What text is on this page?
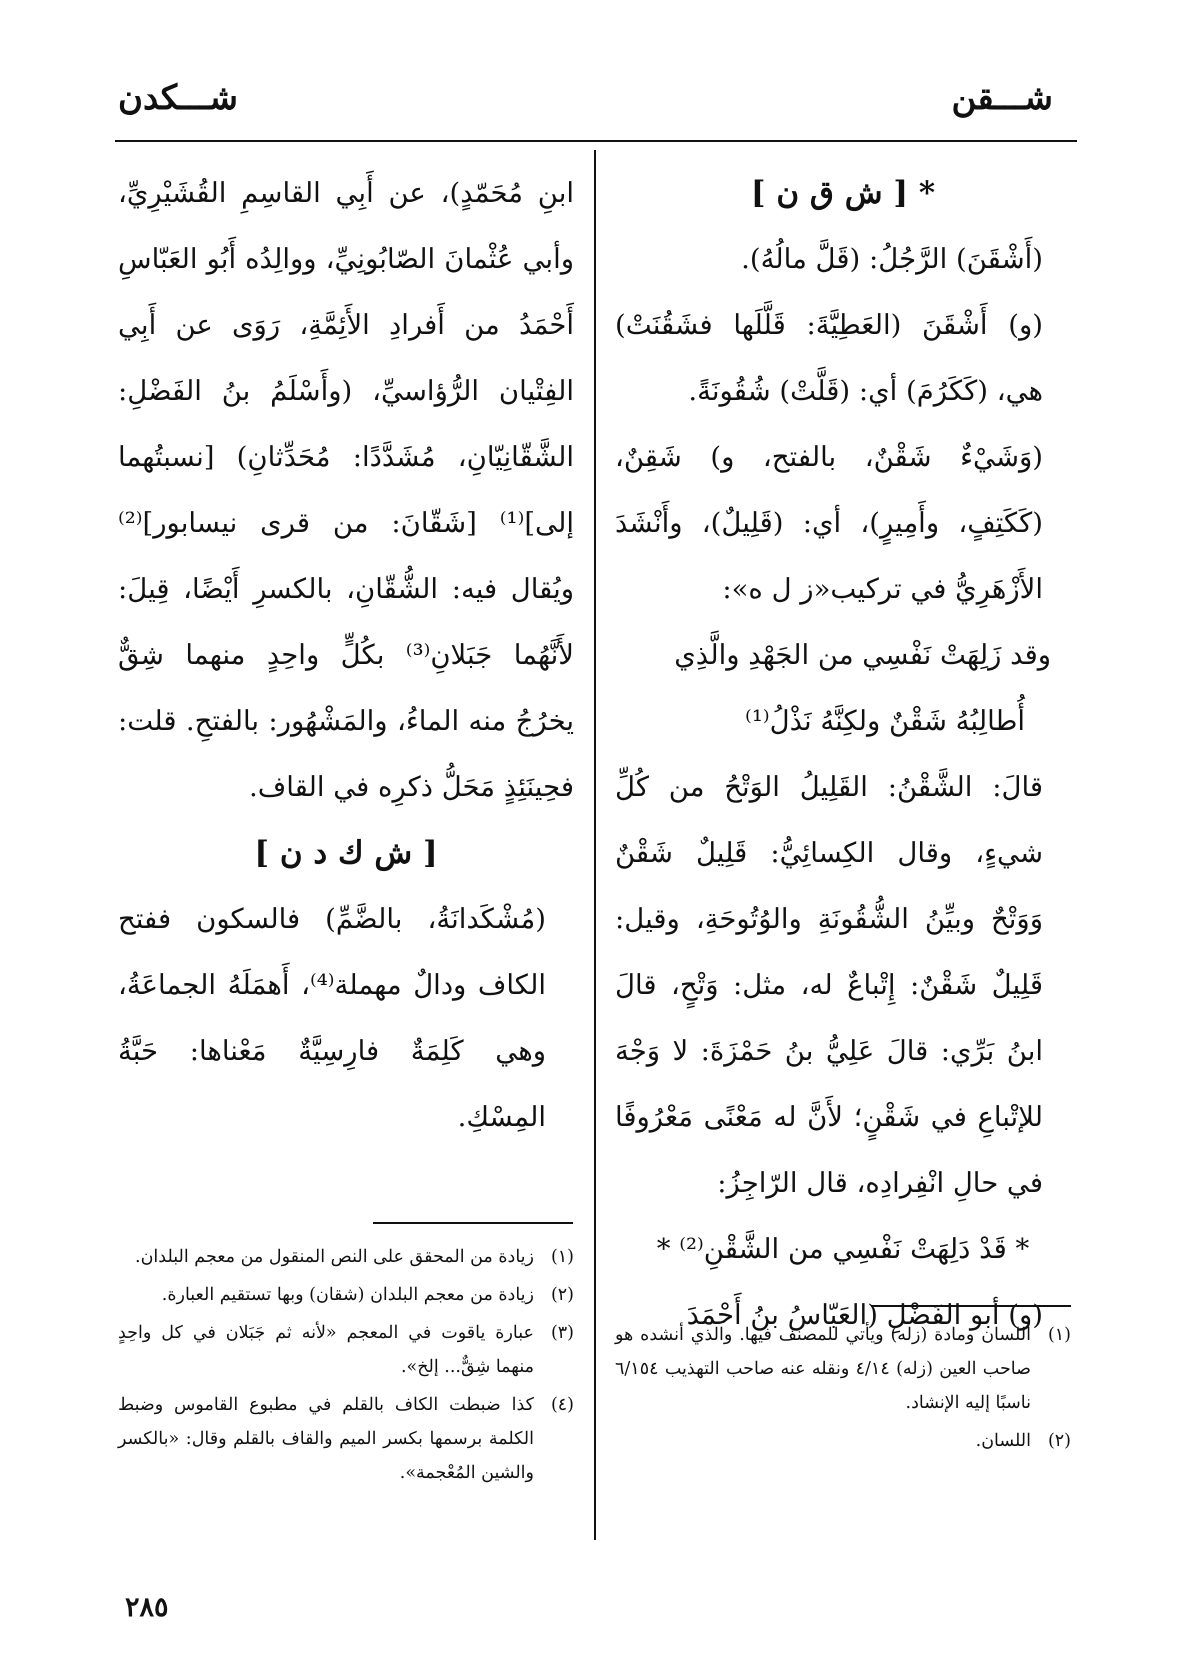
شـــقن
شـــكدن

* [ ش ق ن ]

(أَشْقَنَ) الرَّجُلُ: (قَلَّ مالُهُ).

(و) أَشْقَنَ (العَطِيَّةَ: قَلَّلَها فشَقُنَتْ) هي، (كَكَرُمَ) أي: (قَلَّتْ) شُقُونَةً.

(وَشَيْءٌ شَقْنٌ، بالفتح، و) شَقِنٌ، (كَكَتِفٍ، وأَمِيرٍ)، أي: (قَلِيلٌ)، وأَنْشَدَ الأَزْهَرِيُّ في تركيب«ز ل ه»:

وقد زَلِهَتْ نَفْسِي من الجَهْدِ والَّذِي

أُطالِبُهُ شَقْنٌ ولكِنَّهُ نَذْلُ⁽¹⁾

قالَ: الشَّقْنُ: القَلِيلُ الوَتْحُ من كُلِّ شيءٍ، وقال الكِسائِيُّ: قَلِيلٌ شَقْنٌ وَوَتْحٌ وبيِّنُ الشُّقُونَةِ والوُتُوحَةِ، وقيل: قَلِيلٌ شَقْنٌ: إِتْباعٌ له، مثل: وَتْحٍ، قالَ ابنُ بَرِّي: قالَ عَلِيُّ بنُ حَمْزَةَ: لا وَجْهَ للإتْباعِ في شَقْنٍ؛ لأَنَّ له مَعْنًى مَعْرُوفًا في حالِ انْفِرادِه، قال الرّاجِزُ:

* قَدْ دَلِهَتْ نَفْسِي من الشَّقْنِ⁽²⁾ *

(و) أبو الفَضْلِ (العَبّاسُ بنُ أَحْمَدَ

ابنِ مُحَمّدٍ)، عن أَبِي القاسِمِ القُشَيْرِيِّ، وأبي عُثْمانَ الصّابُونِيِّ، ووالِدُه أَبُو العَبّاسِ أَحْمَدُ من أَفرادِ الأَئِمَّةِ، رَوَى عن أَبِي الفِتْيان الرُّؤاسيِّ، (وأَسْلَمُ بنُ الفَضْلِ: الشَّقّانِيّانِ، مُشَدَّدًا: مُحَدِّثانِ) [نسبتُهما إلى]⁽¹⁾ [شَقّانَ: من قرى نيسابور]⁽²⁾ ويُقال فيه: الشُّقّانِ، بالكسرِ أَيْضًا، قِيلَ: لأَنَّهُما جَبَلانِ⁽³⁾ بكُلٍّ واحِدٍ منهما شِقٌّ يخرُجُ منه الماءُ، والمَشْهُور: بالفتحِ. قلت: فحِينَئِذٍ مَحَلُّ ذكرِه في القاف.

[ ش ك د ن ]

(مُشْكَدانَةُ، بالضَّمِّ) فالسكون ففتح الكاف ودالٌ مهملة⁽⁴⁾، أَهمَلَهُ الجماعَةُ، وهي كَلِمَةٌ فارِسِيَّةٌ مَعْناها: حَبَّةُ المِسْكِ.

(١)
اللسان ومادة (زله) ويأتي للمصنف فيها. والذي أنشده هو صاحب العين (زله) ٤/١٤ ونقله عنه صاحب التهذيب ٦/١٥٤ ناسبًا إليه الإنشاد.
(٢)
اللسان.
(١)
زيادة من المحقق على النص المنقول من معجم البلدان.
(٢)
زيادة من معجم البلدان (شقان) وبها تستقيم العبارة.
(٣)
عبارة ياقوت في المعجم «لأنه ثم جَبَلان في كل واحِدٍ منهما شِقٌّ... إلخ».
(٤)
كذا ضبطت الكاف بالقلم في مطبوع القاموس وضبط الكلمة برسمها بكسر الميم والقاف بالقلم وقال: «بالكسر والشين المُعْجمة».
٢٨٥
